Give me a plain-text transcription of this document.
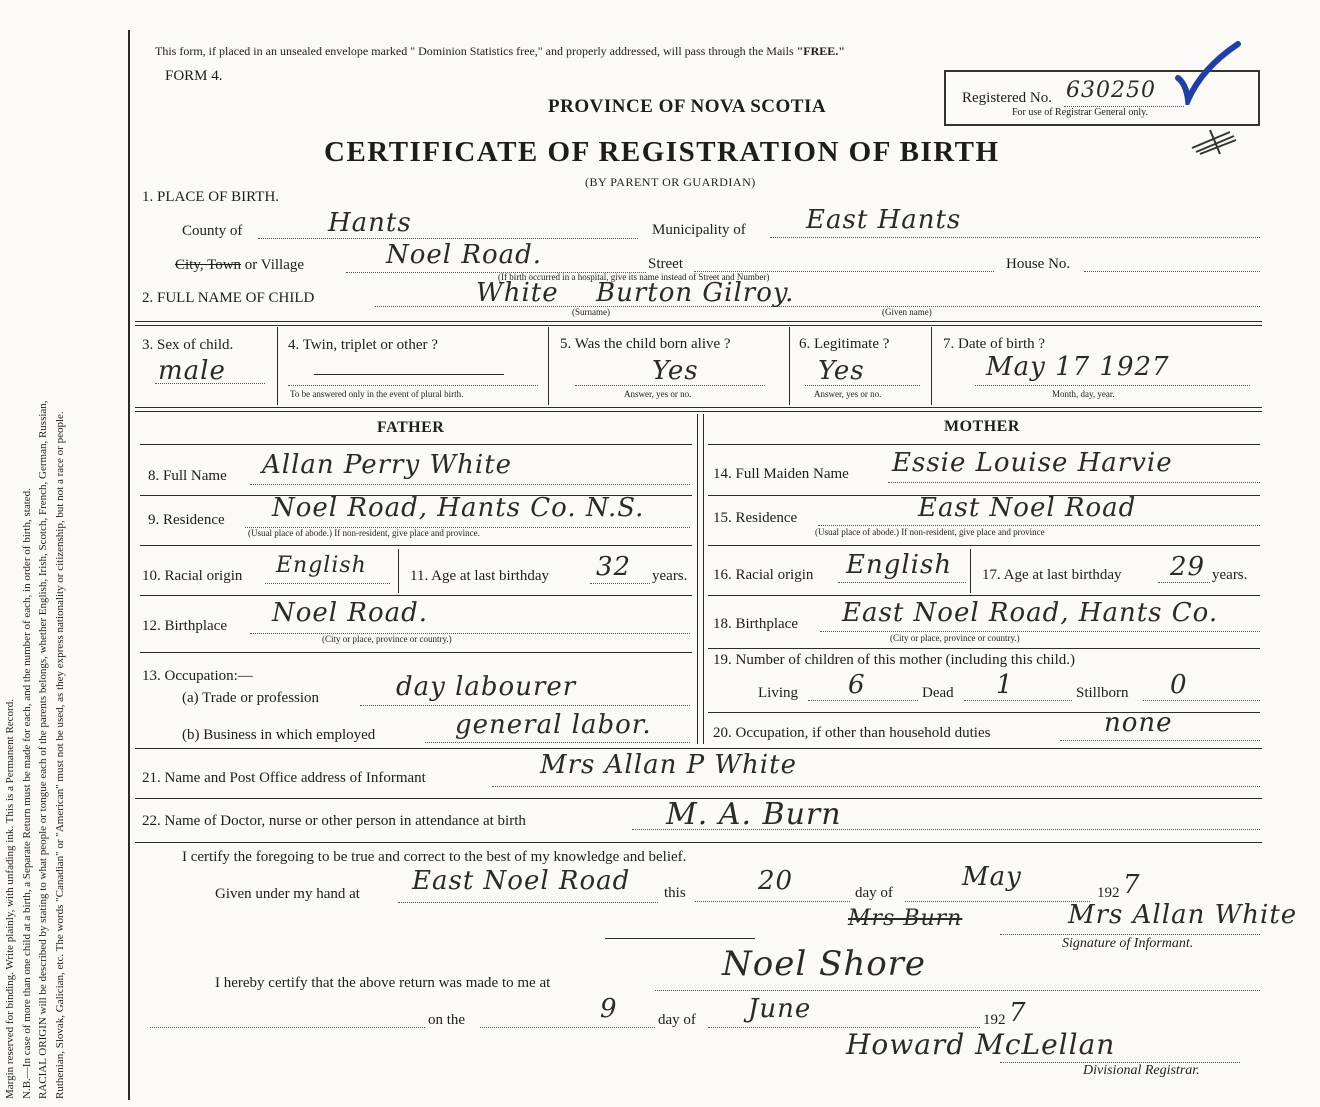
Margin reserved for binding. Write plainly, with unfading ink. This is a Permanent Record. N.B.—In case of more than one child at a birth, a Separate Return must be made for each, and the number of each, in order of birth, stated. RACIAL ORIGIN will be described by stating to what people or tongue each of the parents belongs, whether English, Irish, Scotch, French, German, Russian, Ruthenian, Slovak, Galician, etc. The words "Canadian" or "American" must not be used, as they express nationality or citizenship, but not a race or people.
This form, if placed in an unsealed envelope marked " Dominion Statistics free," and properly addressed, will pass through the Mails "FREE."
FORM 4.
PROVINCE OF NOVA SCOTIA
CERTIFICATE OF REGISTRATION OF BIRTH
(BY PARENT OR GUARDIAN)
Registered No. 630250
For use of Registrar General only.
1. PLACE OF BIRTH.
County of	Hants	Municipality of East Hants
City, Town or Village	Noel Road.	Street	House No.
(If birth occurred in a hospital, give its name instead of Street and Number)
2. FULL NAME OF CHILD	White Burton Gilroy.
(Surname)	(Given name)
3. Sex of child.
male
4. Twin, triplet or other ?
To be answered only in the event of plural birth.
5. Was the child born alive ?
Yes
Answer, yes or no.
6. Legitimate ?
Yes
Answer, yes or no.
7. Date of birth ?
May 17 1927
Month, day, year.
FATHER	MOTHER
8. Full Name Allan Perry White
9. Residence Noel Road, Hants Co. N.S.
(Usual place of abode.) If non-resident, give place and province.
10. Racial origin English	11. Age at last birthday 32 years.
12. Birthplace Noel Road.
(City or place, province or country.)
13. Occupation:—
(a) Trade or profession	day labourer
(b) Business in which employed	general labor.
14. Full Maiden Name Essie Louise Harvie
15. Residence	East Noel Road
(Usual place of abode.) If non-resident, give place and province
16. Racial origin English 17. Age at last birthday 29 years.
18. Birthplace East Noel Road, Hants Co.
(City or place, province or country.)
19. Number of children of this mother (including this child.)
Living 6	Dead 1	Stillborn 0
20. Occupation, if other than household duties	none
21. Name and Post Office address of Informant	Mrs Allan P White
22. Name of Doctor, nurse or other person in attendance at birth	M. A. Burn
I certify the foregoing to be true and correct to the best of my knowledge and belief.
Given under my hand at East Noel Road this	20	day of
May
192 7
Mrs Burn	Mrs Allan White
Signature of Informant.
I hereby certify that the above return was made to me at	Noel Shore
on the	9	day of June	192 7
Howard McLellan
Divisional Registrar.
